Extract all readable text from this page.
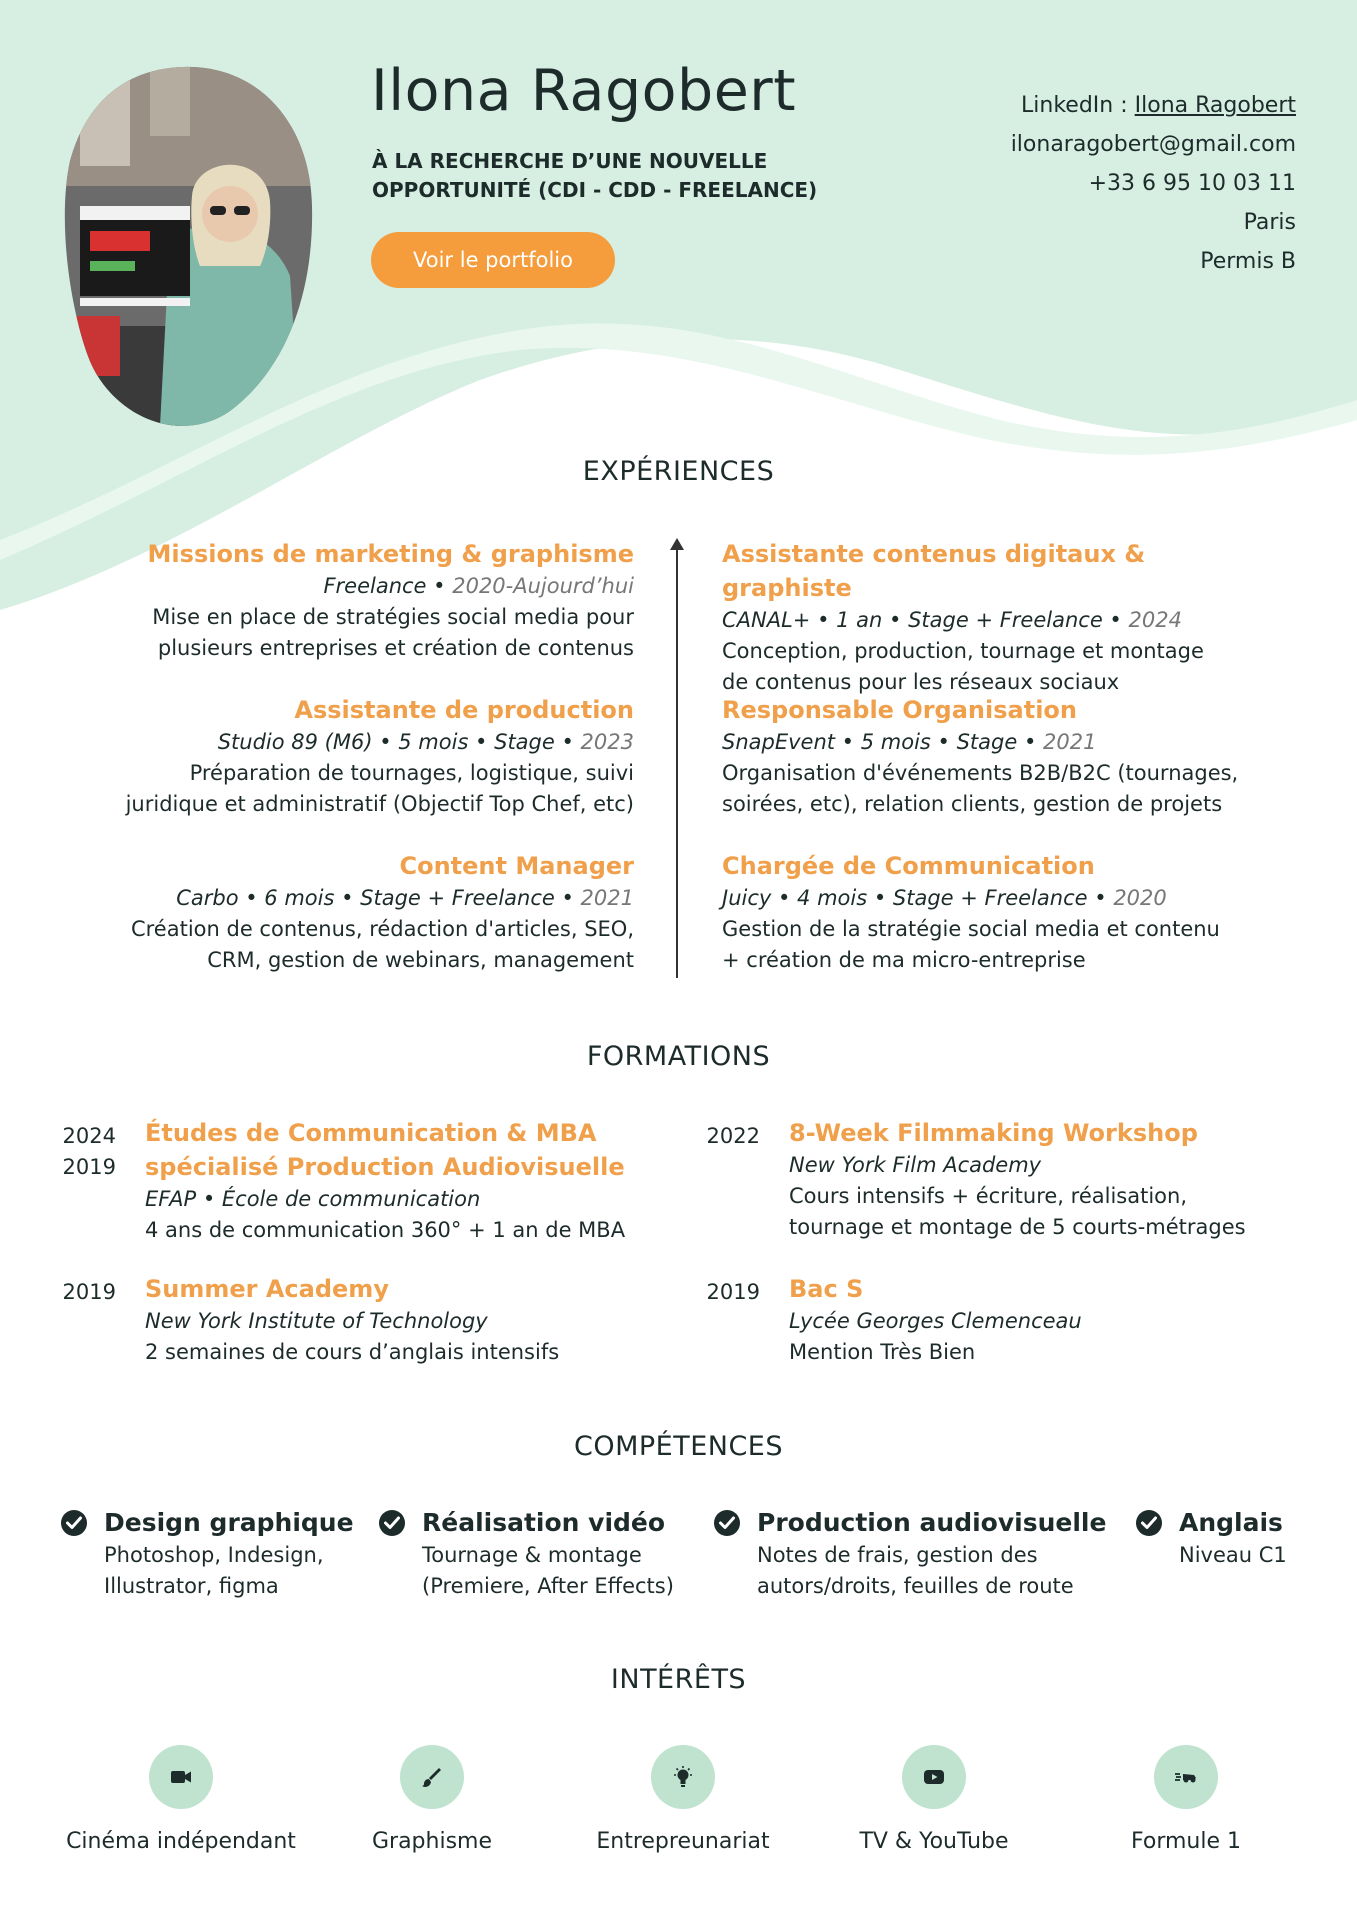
Ilona Ragobert
À LA RECHERCHE D’UNE NOUVELLE
OPPORTUNITÉ (CDI - CDD - FREELANCE)
Voir le portfolio
LinkedIn : Ilona Ragobert
ilonaragobert@gmail.com
+33 6 95 10 03 11
Paris
Permis B
EXPÉRIENCES
Missions de marketing & graphisme
Freelance • 2020-Aujourd’hui
Mise en place de stratégies social media pour
plusieurs entreprises et création de contenus
Assistante de production
Studio 89 (M6) • 5 mois • Stage • 2023
Préparation de tournages, logistique, suivi
juridique et administratif (Objectif Top Chef, etc)
Content Manager
Carbo • 6 mois • Stage + Freelance • 2021
Création de contenus, rédaction d'articles, SEO,
CRM, gestion de webinars, management
Assistante contenus digitaux & graphiste
CANAL+ • 1 an • Stage + Freelance • 2024
Conception, production, tournage et montage
de contenus pour les réseaux sociaux
Responsable Organisation
SnapEvent • 5 mois • Stage • 2021
Organisation d'événements B2B/B2C (tournages,
soirées, etc), relation clients, gestion de projets
Chargée de Communication
Juicy • 4 mois • Stage + Freelance • 2020
Gestion de la stratégie social media et contenu
+ création de ma micro-entreprise
FORMATIONS
2024
2019
Études de Communication & MBA
spécialisé Production Audiovisuelle
EFAP • École de communication
4 ans de communication 360° + 1 an de MBA
2022 8-Week Filmmaking Workshop
New York Film Academy
Cours intensifs + écriture, réalisation,
tournage et montage de 5 courts-métrages
2019 Summer Academy
New York Institute of Technology
2 semaines de cours d’anglais intensifs
2019 Bac S
Lycée Georges Clemenceau
Mention Très Bien
COMPÉTENCES
Design graphique
Photoshop, Indesign,
Illustrator, figma
Réalisation vidéo
Tournage & montage
(Premiere, After Effects)
Production audiovisuelle
Notes de frais, gestion des
autors/droits, feuilles de route
Anglais
Niveau C1
INTÉRÊTS
Cinéma indépendant	Graphisme	Entrepreunariat	TV & YouTube	Formule 1
